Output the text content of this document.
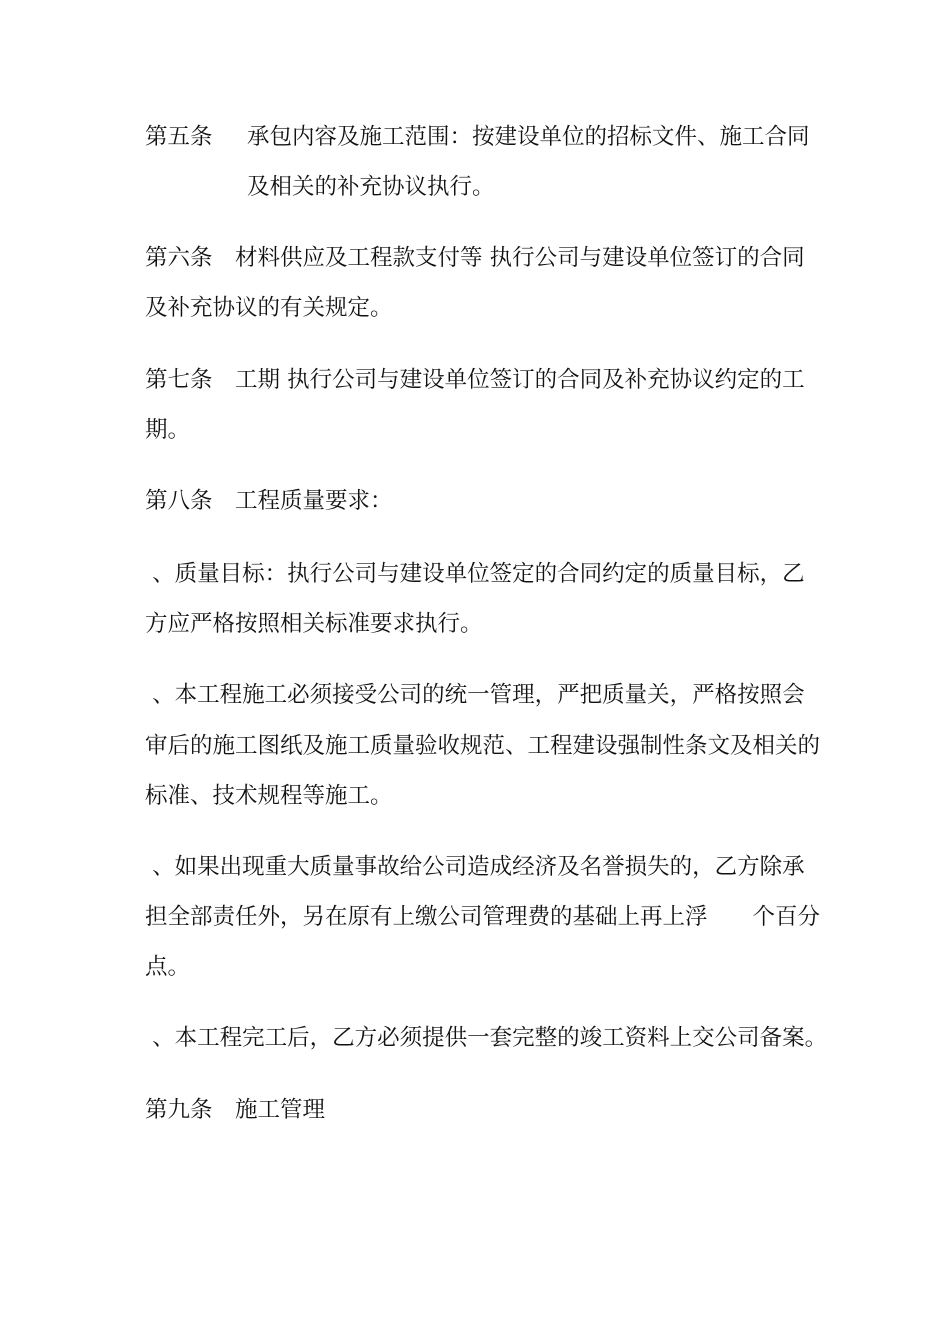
第五条 承包内容及施工范围：按建设单位的招标文件、施工合同
及相关的补充协议执行。
第六条　材料供应及工程款支付等 执行公司与建设单位签订的合同
及补充协议的有关规定。
第七条　工期 执行公司与建设单位签订的合同及补充协议约定的工
期。
第八条　工程质量要求：
、质量目标：执行公司与建设单位签定的合同约定的质量目标，乙
方应严格按照相关标准要求执行。
、本工程施工必须接受公司的统一管理，严把质量关，严格按照会
审后的施工图纸及施工质量验收规范、工程建设强制性条文及相关的
标准、技术规程等施工。
、如果出现重大质量事故给公司造成经济及名誉损失的，乙方除承
担全部责任外，另在原有上缴公司管理费的基础上再上浮　　个百分
点。
、本工程完工后，乙方必须提供一套完整的竣工资料上交公司备案。
第九条　施工管理
